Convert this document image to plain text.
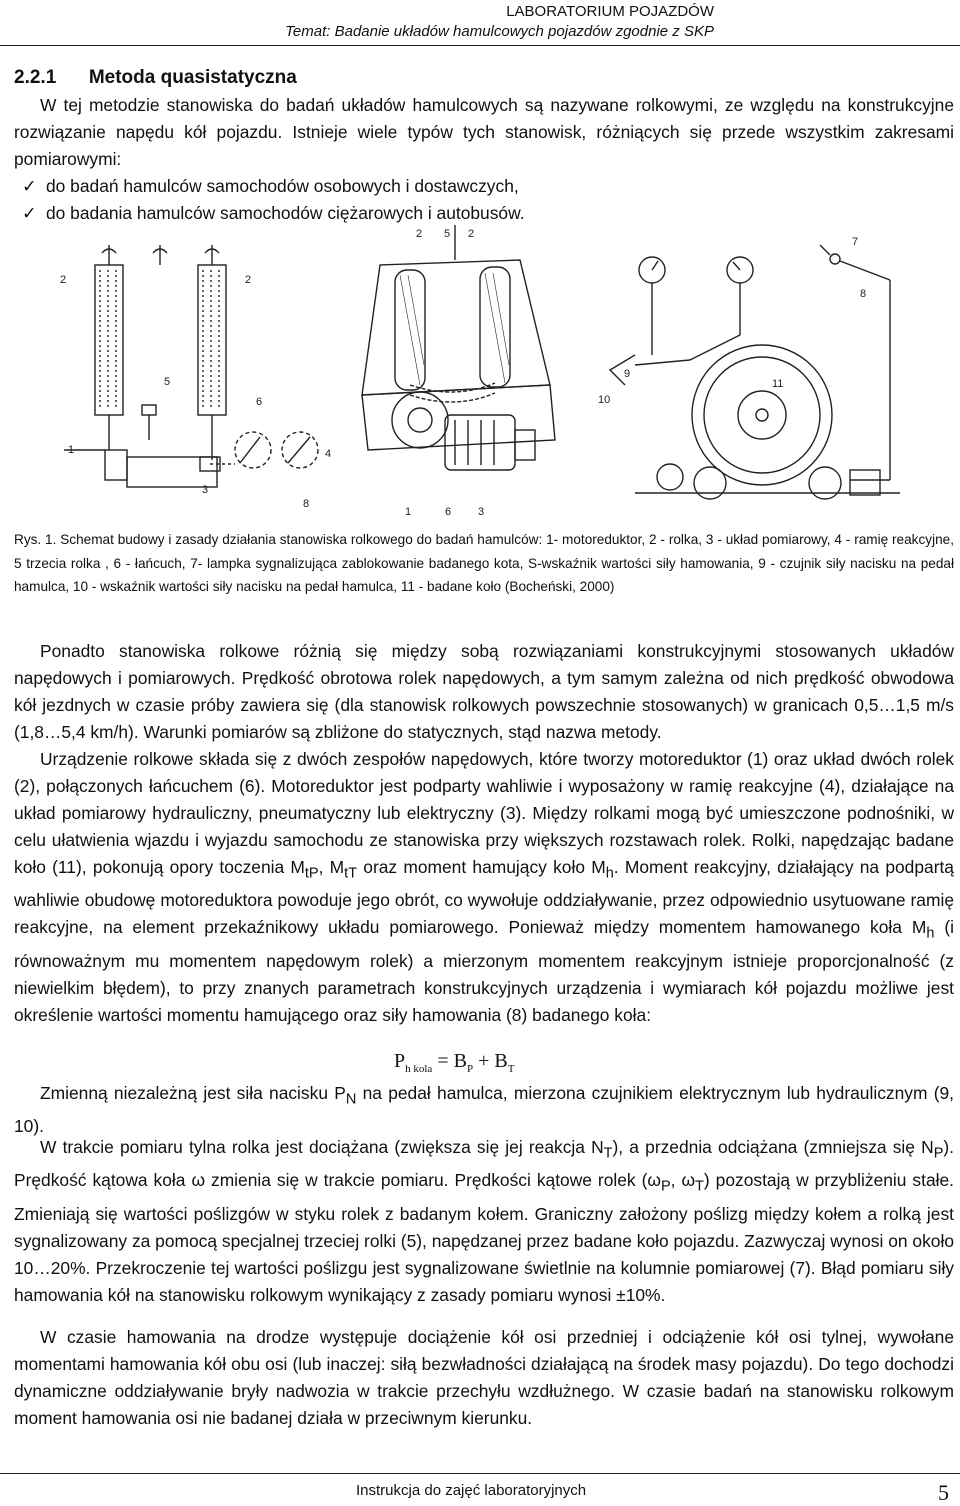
LABORATORIUM POJAZDÓW
Temat: Badanie układów hamulcowych pojazdów zgodnie z SKP
2.2.1 Metoda quasistatyczna
W tej metodzie stanowiska do badań układów hamulcowych są nazywane rolkowymi, ze względu na konstrukcyjne rozwiązanie napędu kół pojazdu. Istnieje wiele typów tych stanowisk, różniących się przede wszystkim zakresami pomiarowymi:
✓ do badań hamulców samochodów osobowych i dostawczych,
✓ do badania hamulców samochodów ciężarowych i autobusów.
2	2
5
6
1
3
8
4
2 5 2
1	6 3
7
8
9
10
11
Rys. 1. Schemat budowy i zasady działania stanowiska rolkowego do badań hamulców: 1- motoreduktor, 2 - rolka, 3 - układ pomiarowy, 4 - ramię reakcyjne, 5 trzecia rolka , 6 - łańcuch, 7- lampka sygnalizująca zablokowanie badanego kota, S-wskaźnik wartości siły hamowania, 9 - czujnik siły nacisku na pedał hamulca, 10 - wskaźnik wartości siły nacisku na pedał hamulca, 11 - badane koło (Bocheński, 2000)
Ponadto stanowiska rolkowe różnią się między sobą rozwiązaniami konstrukcyjnymi stosowanych układów napędowych i pomiarowych. Prędkość obrotowa rolek napędowych, a tym samym zależna od nich prędkość obwodowa kół jezdnych w czasie próby zawiera się (dla stanowisk rolkowych powszechnie stosowanych) w granicach 0,5…1,5 m/s (1,8…5,4 km/h). Warunki pomiarów są zbliżone do statycznych, stąd nazwa metody.
Urządzenie rolkowe składa się z dwóch zespołów napędowych, które tworzy motoreduktor (1) oraz układ dwóch rolek (2), połączonych łańcuchem (6). Motoreduktor jest podparty wahliwie i wyposażony w ramię reakcyjne (4), działające na układ pomiarowy hydrauliczny, pneumatyczny lub elektryczny (3). Między rolkami mogą być umieszczone podnośniki, w celu ułatwienia wjazdu i wyjazdu samochodu ze stanowiska przy większych rozstawach rolek. Rolki, napędzając badane koło (11), pokonują opory toczenia $M_{tP}$, $M_{tT}$ oraz moment hamujący koło $M_h$. Moment reakcyjny, działający na podpartą wahliwie obudowę motoreduktora powoduje jego obrót, co wywołuje oddziaływanie, przez odpowiednio usytuowane ramię reakcyjne, na element przekaźnikowy układu pomiarowego. Ponieważ między momentem hamowanego koła $M_h$ (i równoważnym mu momentem napędowym rolek) a mierzonym momentem reakcyjnym istnieje proporcjonalność (z niewielkim błędem), to przy znanych parametrach konstrukcyjnych urządzenia i wymiarach kół pojazdu możliwe jest określenie wartości momentu hamującego oraz siły hamowania (8) badanego koła:
$P_{h kola} = B_P + B_T$
Zmienną niezależną jest siła nacisku $P_N$ na pedał hamulca, mierzona czujnikiem elektrycznym lub hydraulicznym (9, 10).
W trakcie pomiaru tylna rolka jest dociążana (zwiększa się jej reakcja $N_T$), a przednia odciążana (zmniejsza się $N_P$). Prędkość kątowa koła ω zmienia się w trakcie pomiaru. Prędkości kątowe rolek ($\omega_P$, $\omega_T$) pozostają w przybliżeniu stałe. Zmieniają się wartości poślizgów w styku rolek z badanym kołem. Graniczny założony poślizg między kołem a rolką jest sygnalizowany za pomocą specjalnej trzeciej rolki (5), napędzanej przez badane koło pojazdu. Zazwyczaj wynosi on około 10…20%. Przekroczenie tej wartości poślizgu jest sygnalizowane świetlnie na kolumnie pomiarowej (7). Błąd pomiaru siły hamowania kół na stanowisku rolkowym wynikający z zasady pomiaru wynosi ±10%.
W czasie hamowania na drodze występuje dociążenie kół osi przedniej i odciążenie kół osi tylnej, wywołane momentami hamowania kół obu osi (lub inaczej: siłą bezwładności działającą na środek masy pojazdu). Do tego dochodzi dynamiczne oddziaływanie bryły nadwozia w trakcie przechyłu wzdłużnego. W czasie badań na stanowisku rolkowym moment hamowania osi nie badanej działa w przeciwnym kierunku.
Instrukcja do zajęć laboratoryjnych	5
